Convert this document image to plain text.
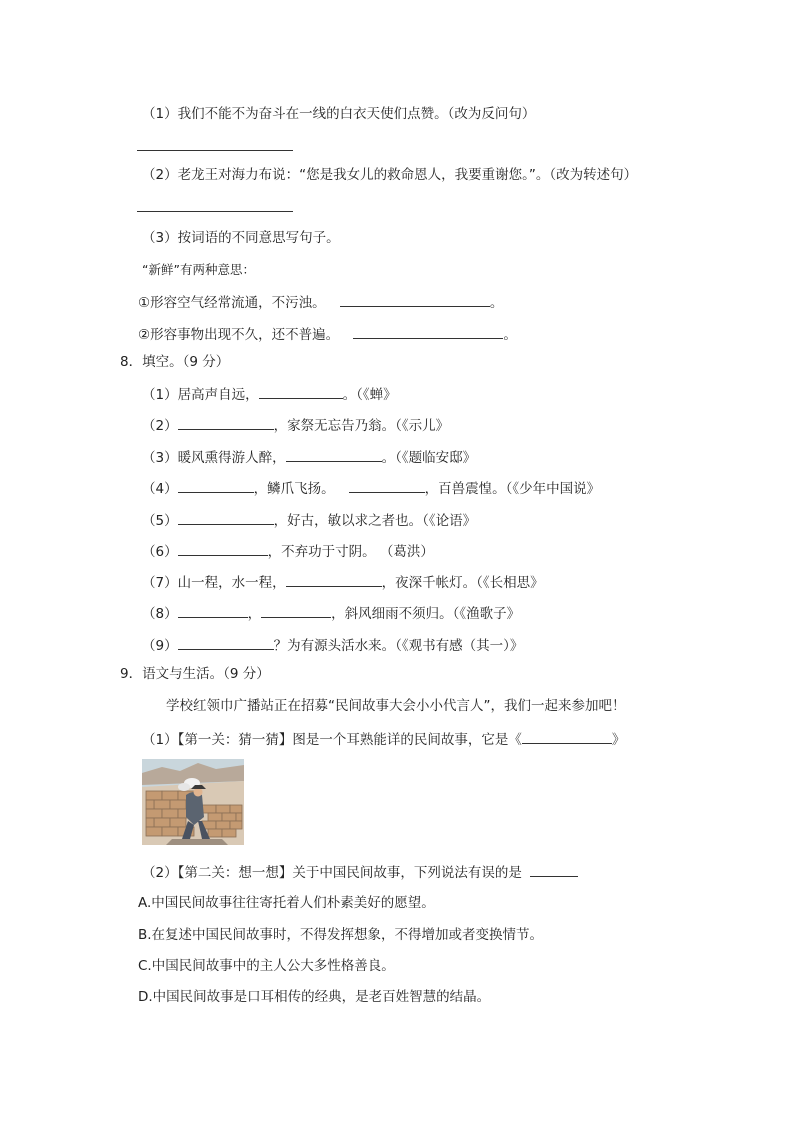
（1）我们不能不为奋斗在一线的白衣天使们点赞。（改为反问句）
（2）老龙王对海力布说：“您是我女儿的救命恩人，我要重谢您。”。（改为转述句）
（3）按词语的不同意思写句子。
“新鲜”有两种意思：
①形容空气经常流通，不污浊。	。
②形容事物出现不久，还不普遍。	。
8．填空。（9 分）
（1）居高声自远，	。（《蝉》
（2）	，家祭无忘告乃翁。（《示儿》
（3）暖风熏得游人醉，	。（《题临安邸》
（4）	，鳞爪飞扬。	，百兽震惶。（《少年中国说》
（5）	，好古，敏以求之者也。（《论语》
（6）	，不弃功于寸阴。 （葛洪）
（7）山一程，水一程，	，夜深千帐灯。（《长相思》
（8）	，	，斜风细雨不须归。（《渔歌子》
（9）	？为有源头活水来。（《观书有感（其一）》
9．语文与生活。（9 分）
学校红领巾广播站正在招募“民间故事大会小小代言人”，我们一起来参加吧！
（1）【第一关：猜一猜】图是一个耳熟能详的民间故事，它是《	》
（2）【第二关：想一想】关于中国民间故事，下列说法有误的是
A.中国民间故事往往寄托着人们朴素美好的愿望。
B.在复述中国民间故事时，不得发挥想象，不得增加或者变换情节。
C.中国民间故事中的主人公大多性格善良。
D.中国民间故事是口耳相传的经典，是老百姓智慧的结晶。
